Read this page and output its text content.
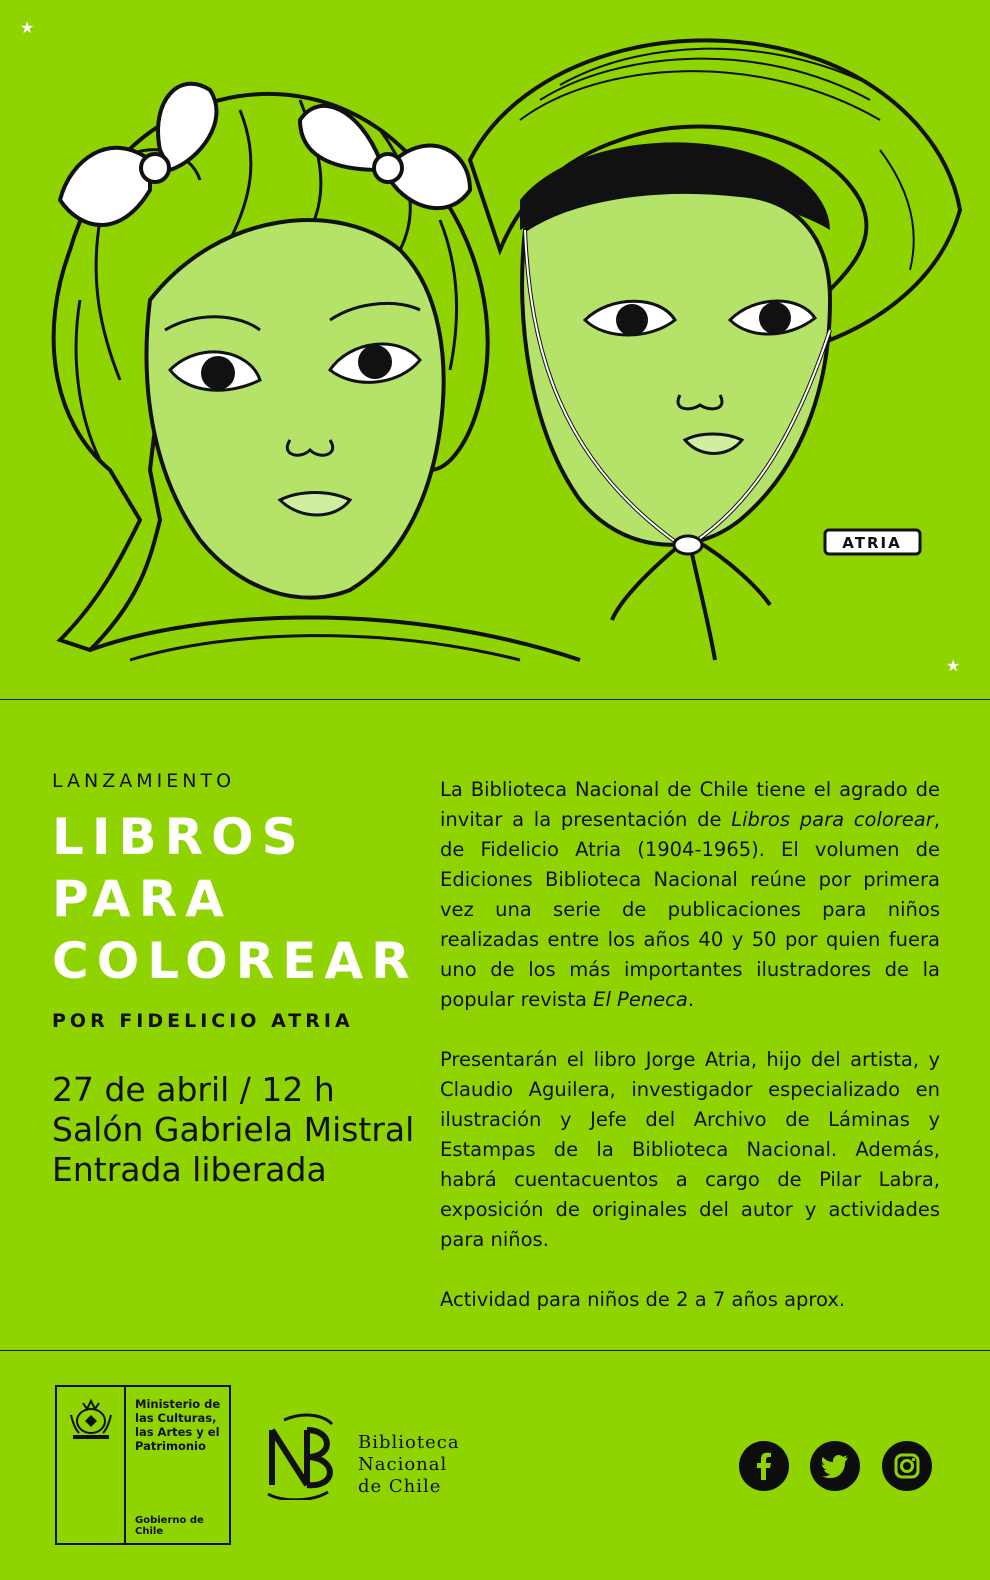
★
★
ATRIA

LANZAMIENTO

LIBROS
PARA
COLOREAR
POR FIDELICIO ATRIA
27 de abril / 12 h
Salón Gabriela Mistral
Entrada liberada

La Biblioteca Nacional de Chile tiene el agrado de invitar a la presentación de Libros para colorear, de Fidelicio Atria (1904-1965). El volumen de Ediciones Biblioteca Nacional reúne por primera vez una serie de publicaciones para niños realizadas entre los años 40 y 50 por quien fuera uno de los más importantes ilustradores de la popular revista El Peneca.

Presentarán el libro Jorge Atria, hijo del artista, y Claudio Aguilera, investigador especializado en ilustración y Jefe del Archivo de Láminas y Estampas de la Biblioteca Nacional. Además, habrá cuentacuentos a cargo de Pilar Labra, exposición de originales del autor y actividades para niños.

Actividad para niños de 2 a 7 años aprox.

Ministerio de las Culturas, las Artes y el Patrimonio
Gobierno de Chile
Biblioteca
Nacional
de Chile
